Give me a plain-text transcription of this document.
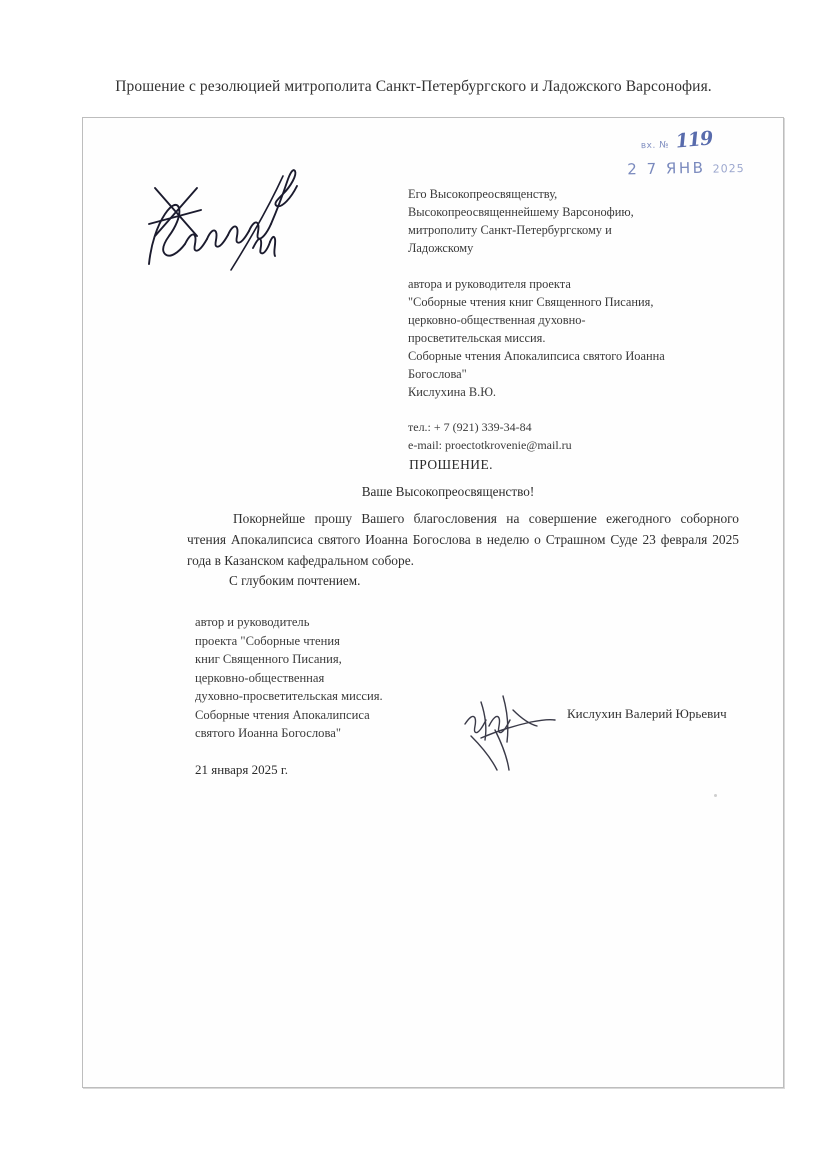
Прошение с резолюцией митрополита Санкт-Петербургского и Ладожского Варсонофия.
вх. № 119
2 7 ЯНВ 2025

Его Высокопреосвященству,

Высокопреосвященнейшему Варсонофию,

митрополиту Санкт-Петербургскому и

Ладожскому

автора и руководителя проекта

"Соборные чтения книг Священного Писания,

церковно-общественная духовно-

просветительская миссия.

Соборные чтения Апокалипсиса святого Иоанна

Богослова"

Кислухина В.Ю.

тел.: + 7 (921) 339-34-84

e-mail: proectotkrovenie@mail.ru

ПРОШЕНИЕ.
Ваше Высокопреосвященство!
Покорнейше прошу Вашего благословения на совершение ежегодного соборного чтения Апокалипсиса святого Иоанна Богослова в неделю о Страшном Суде 23 февраля 2025 года в Казанском кафедральном соборе.
С глубоким почтением.
автор и руководитель
проекта "Соборные чтения
книг Священного Писания,
церковно-общественная
духовно-просветительская миссия.
Соборные чтения Апокалипсиса
святого Иоанна Богослова"
Кислухин Валерий Юрьевич
21 января 2025 г.
